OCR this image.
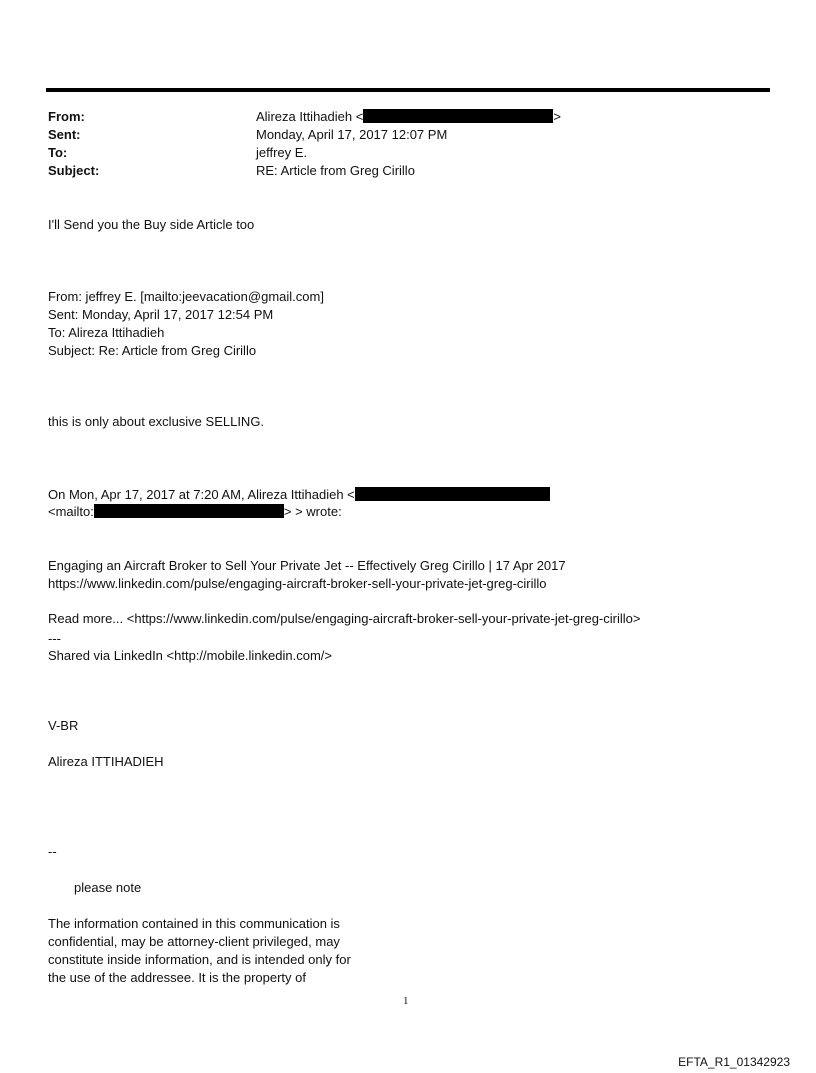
From:	Alireza Ittihadieh <	>
Sent:	Monday, April 17, 2017 12:07 PM
To:	jeffrey E.
Subject:	RE: Article from Greg Cirillo
I'll Send you the Buy side Article too
From: jeffrey E. [mailto:jeevacation@gmail.com]
Sent: Monday, April 17, 2017 12:54 PM
To: Alireza Ittihadieh
Subject: Re: Article from Greg Cirillo
this is only about exclusive SELLING.
On Mon, Apr 17, 2017 at 7:20 AM, Alireza Ittihadieh <
<mailto:	> > wrote:
Engaging an Aircraft Broker to Sell Your Private Jet -- Effectively Greg Cirillo | 17 Apr 2017
https://www.linkedin.com/pulse/engaging-aircraft-broker-sell-your-private-jet-greg-cirillo
Read more... <https://www.linkedin.com/pulse/engaging-aircraft-broker-sell-your-private-jet-greg-cirillo>
---
Shared via LinkedIn <http://mobile.linkedin.com/>
V-BR
Alireza ITTIHADIEH
--
please note
The information contained in this communication is
confidential, may be attorney-client privileged, may
constitute inside information, and is intended only for
the use of the addressee. It is the property of
1
EFTA_R1_01342923
